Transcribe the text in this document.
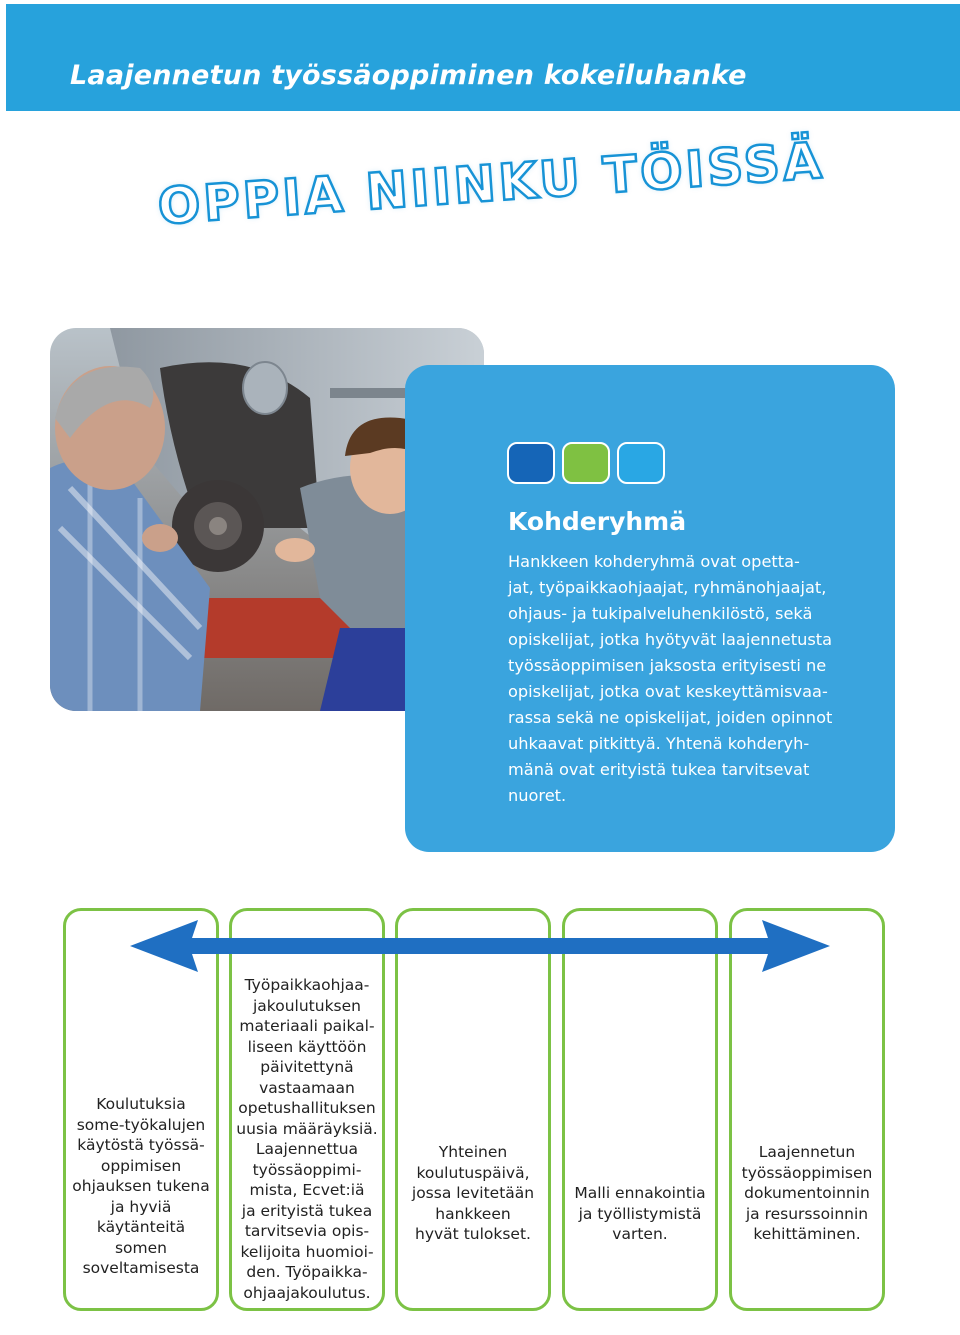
Laajennetun työssäoppiminen kokeiluhanke
OPPIA NIINKU TÖISSÄ
Kohderyhmä

Hankkeen kohderyhmä ovat opetta-
jat, työpaikkaohjaajat, ryhmänohjaajat,
ohjaus- ja tukipalveluhenkilöstö, sekä
opiskelijat, jotka hyötyvät laajennetusta
työssäoppimisen jaksosta erityisesti ne
opiskelijat, jotka ovat keskeyttämisvaa-
rassa sekä ne opiskelijat, joiden opinnot
uhkaavat pitkittyä. Yhtenä kohderyh-
mänä ovat erityistä tukea tarvitsevat
nuoret.

Koulutuksia
some-työkalujen
käytöstä työssä-
oppimisen
ohjauksen tukena
ja hyviä
käytänteitä
somen
soveltamisesta

Työpaikkaohjaa-
jakoulutuksen
materiaali paikal-
liseen käyttöön
päivitettynä
vastaamaan
opetushallituksen
uusia määräyksiä.
Laajennettua
työssäoppimi-
mista, Ecvet:iä
ja erityistä tukea
tarvitsevia opis-
kelijoita huomioi-
den. Työpaikka-
ohjaajakoulutus.

Yhteinen
koulutuspäivä,
jossa levitetään
hankkeen
hyvät tulokset.

Malli ennakointia
ja työllistymistä
varten.

Laajennetun
työssäoppimisen
dokumentoinnin
ja resurssoinnin
kehittäminen.
